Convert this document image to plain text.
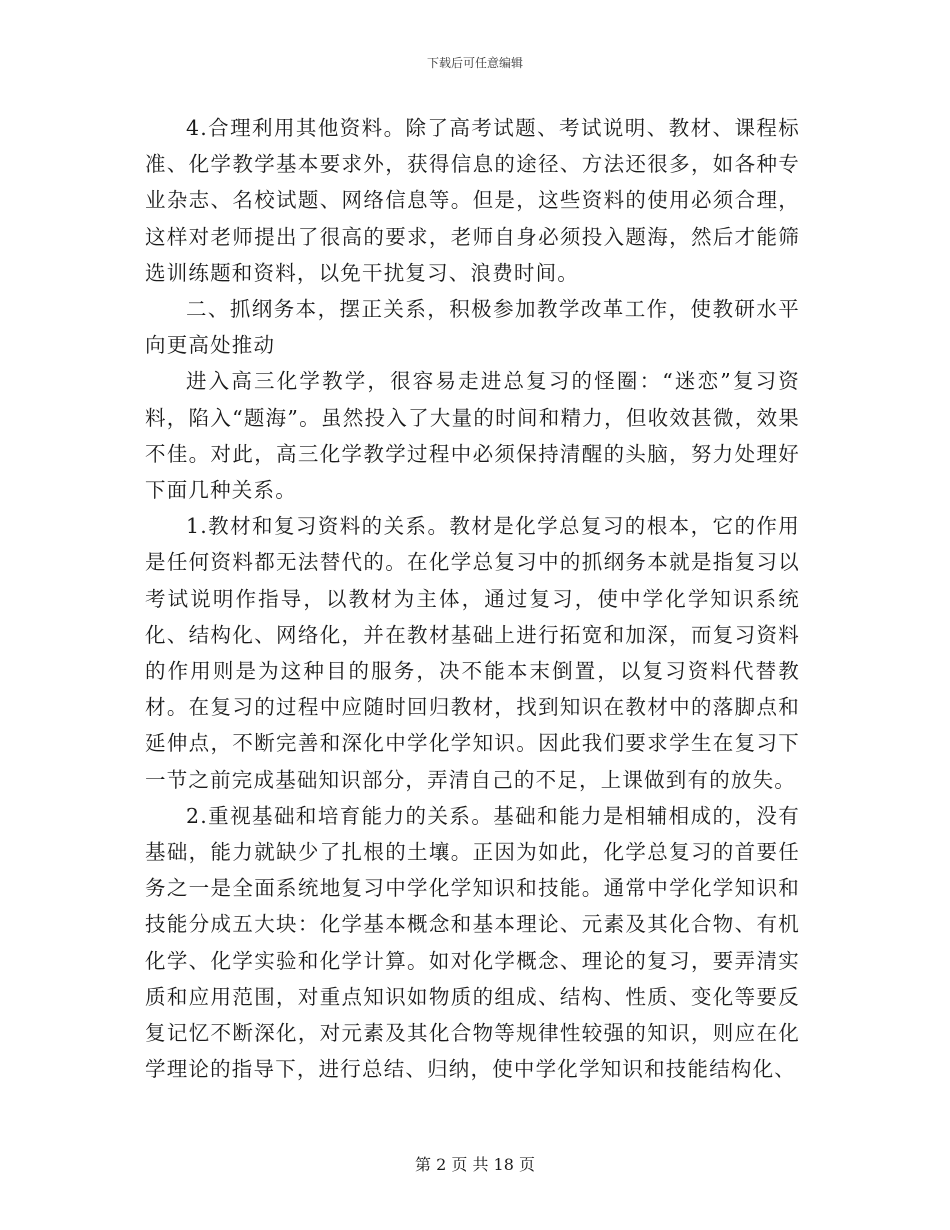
下载后可任意编辑

4.合理利用其他资料。除了高考试题、考试说明、教材、课程标准、化学教学基本要求外，获得信息的途径、方法还很多，如各种专业杂志、名校试题、网络信息等。但是，这些资料的使用必须合理，这样对老师提出了很高的要求，老师自身必须投入题海，然后才能筛选训练题和资料，以免干扰复习、浪费时间。

二、抓纲务本，摆正关系，积极参加教学改革工作，使教研水平向更高处推动

进入高三化学教学，很容易走进总复习的怪圈：“迷恋”复习资料，陷入“题海”。虽然投入了大量的时间和精力，但收效甚微，效果不佳。对此，高三化学教学过程中必须保持清醒的头脑，努力处理好下面几种关系。

1.教材和复习资料的关系。教材是化学总复习的根本，它的作用是任何资料都无法替代的。在化学总复习中的抓纲务本就是指复习以考试说明作指导，以教材为主体，通过复习，使中学化学知识系统化、结构化、网络化，并在教材基础上进行拓宽和加深，而复习资料的作用则是为这种目的服务，决不能本末倒置，以复习资料代替教材。在复习的过程中应随时回归教材，找到知识在教材中的落脚点和延伸点，不断完善和深化中学化学知识。因此我们要求学生在复习下一节之前完成基础知识部分，弄清自己的不足，上课做到有的放失。

2.重视基础和培育能力的关系。基础和能力是相辅相成的，没有基础，能力就缺少了扎根的土壤。正因为如此，化学总复习的首要任务之一是全面系统地复习中学化学知识和技能。通常中学化学知识和技能分成五大块：化学基本概念和基本理论、元素及其化合物、有机化学、化学实验和化学计算。如对化学概念、理论的复习，要弄清实质和应用范围，对重点知识如物质的组成、结构、性质、变化等要反复记忆不断深化，对元素及其化合物等规律性较强的知识，则应在化学理论的指导下，进行总结、归纳，使中学化学知识和技能结构化、

第 2 页 共 18 页
